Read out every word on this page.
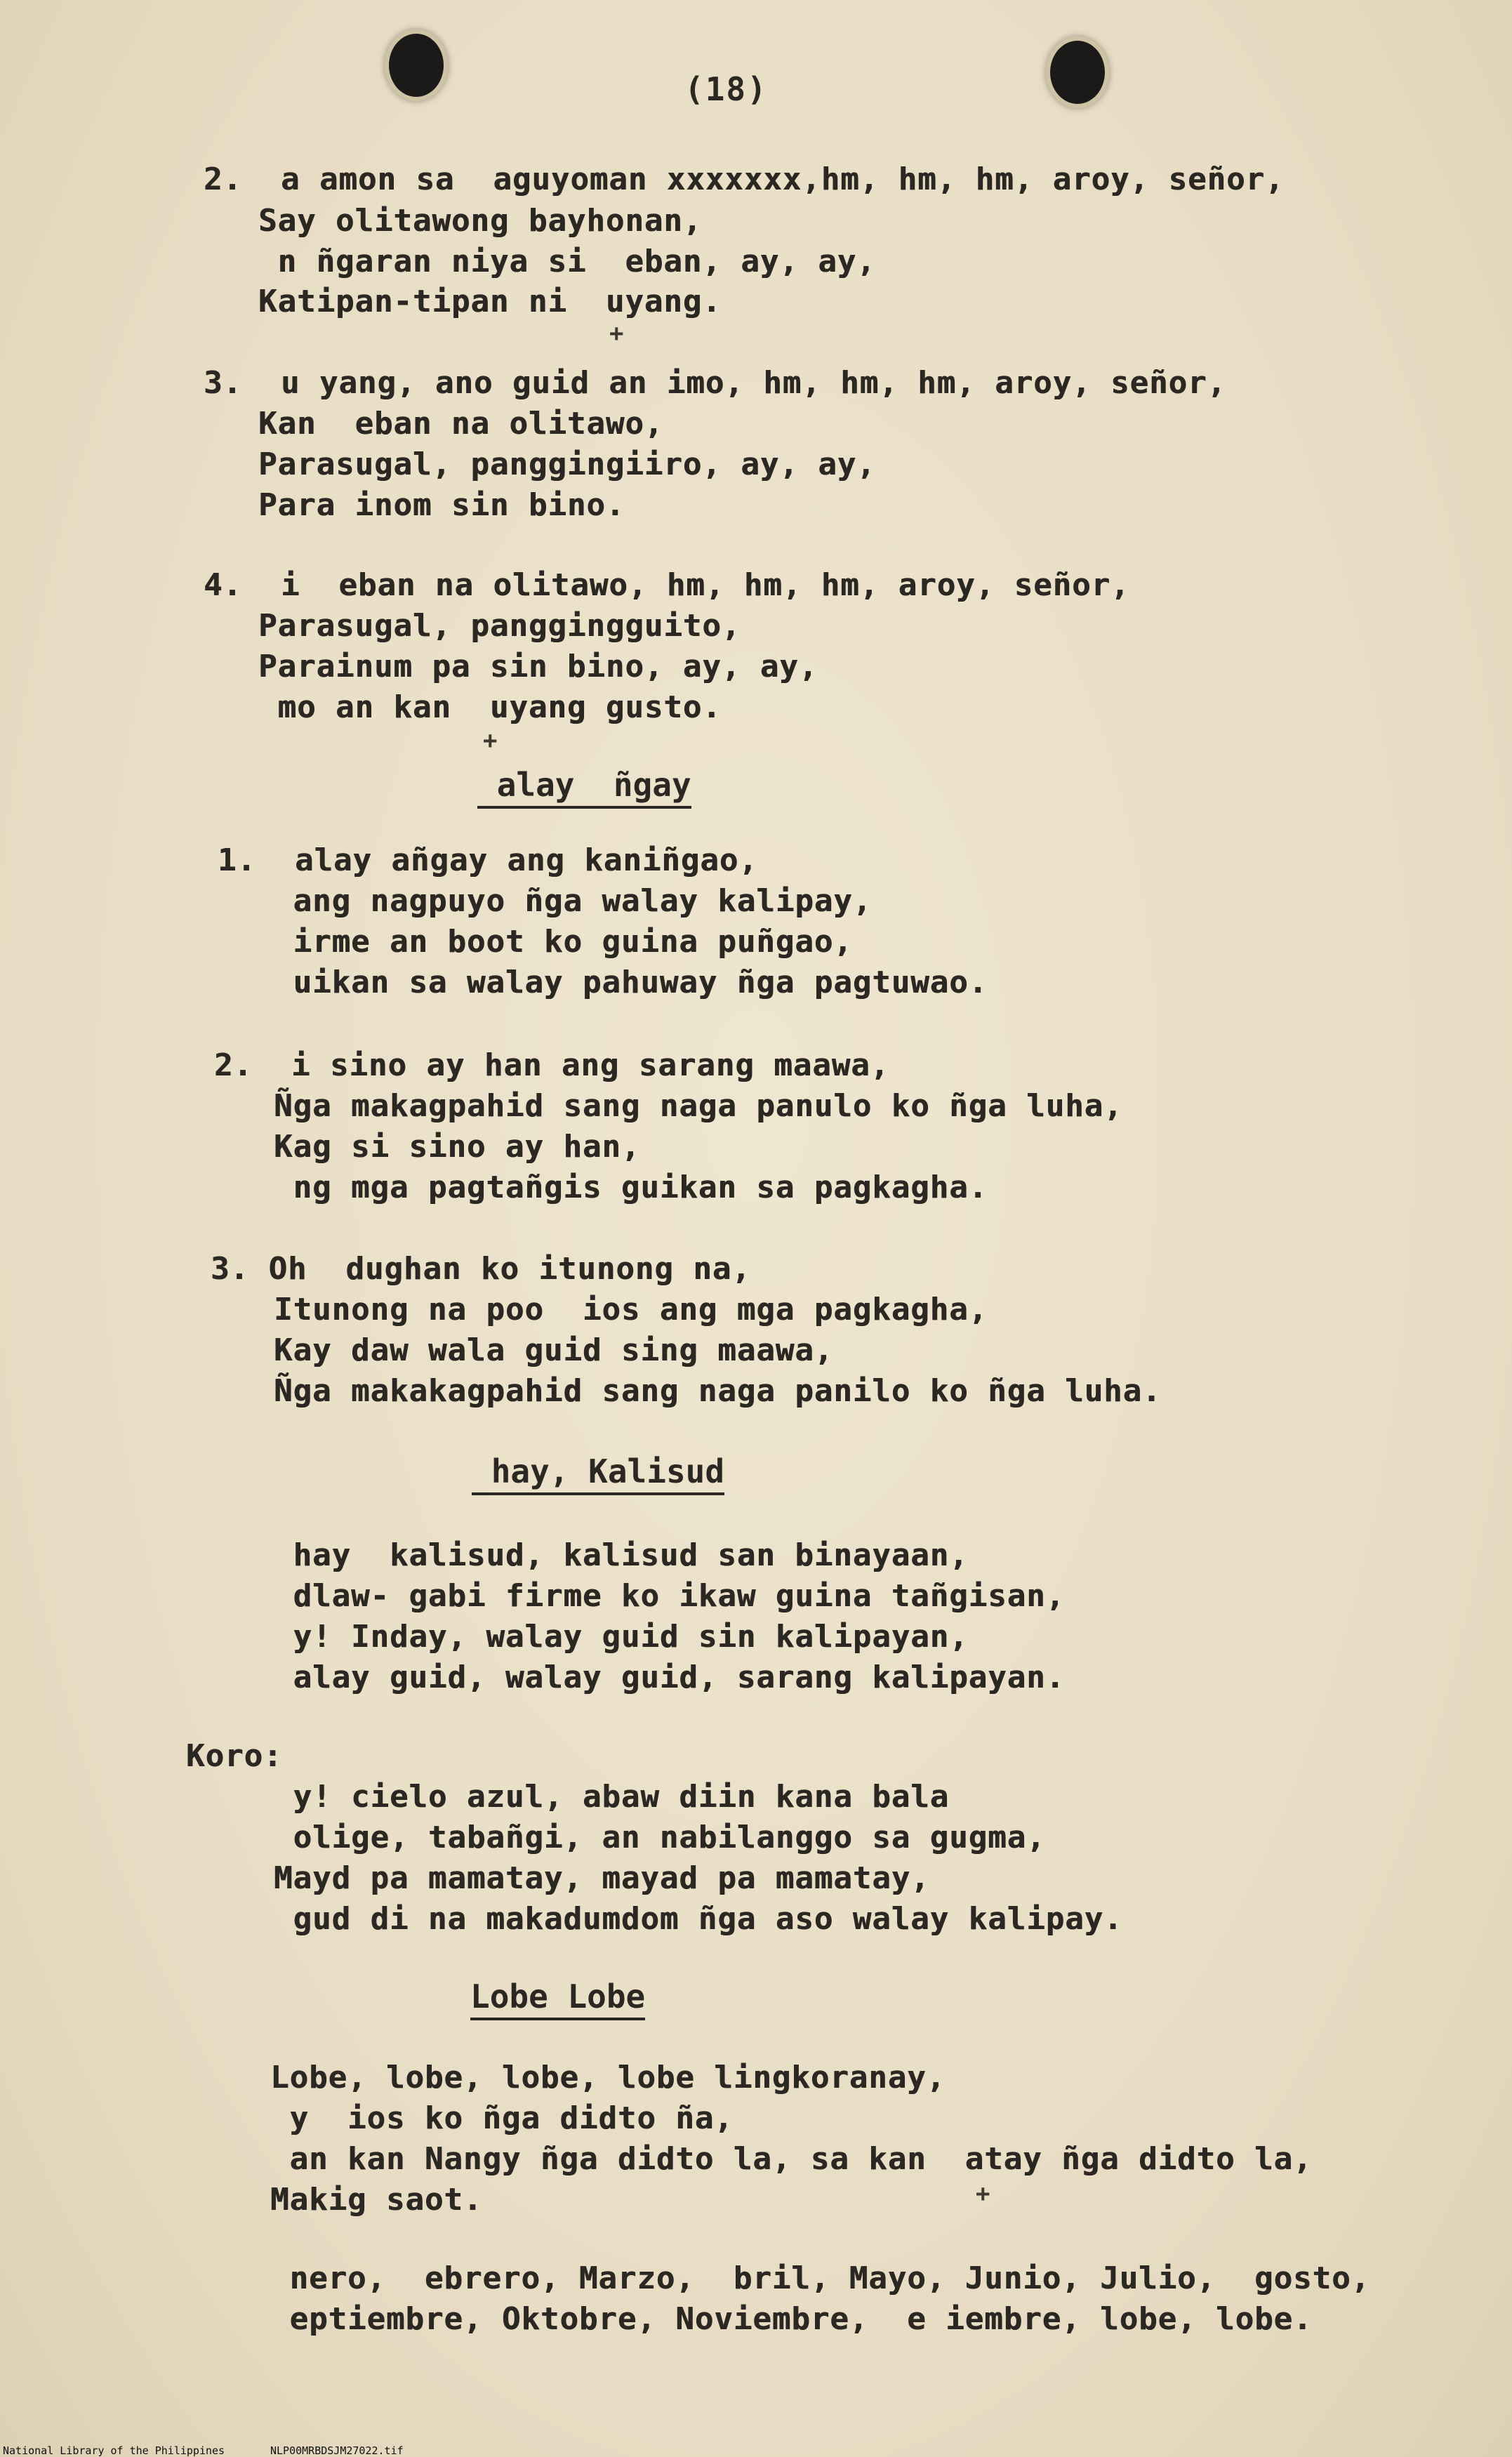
(18)
2.  a amon sa  aguyoman xxxxxxx,hm, hm, hm, aroy, señor,
Say olitawong bayhonan,
n ñgaran niya si  eban, ay, ay,
Katipan-tipan ni  uyang.
+
3.  u yang, ano guid an imo, hm, hm, hm, aroy, señor,
Kan  eban na olitawo,
Parasugal, panggingiiro, ay, ay,
Para inom sin bino.
4.  i  eban na olitawo, hm, hm, hm, aroy, señor,
Parasugal, panggingguito,
Parainum pa sin bino, ay, ay,
mo an kan  uyang gusto.
+
alay  ñgay
1.  alay añgay ang kaniñgao,
ang nagpuyo ñga walay kalipay,
irme an boot ko guina puñgao,
uikan sa walay pahuway ñga pagtuwao.
2.  i sino ay han ang sarang maawa,
Ñga makagpahid sang naga panulo ko ñga luha,
Kag si sino ay han,
ng mga pagtañgis guikan sa pagkagha.
3. Oh  dughan ko itunong na,
Itunong na poo  ios ang mga pagkagha,
Kay daw wala guid sing maawa,
Ñga makakagpahid sang naga panilo ko ñga luha.
hay, Kalisud
hay  kalisud, kalisud san binayaan,
dlaw- gabi firme ko ikaw guina tañgisan,
y! Inday, walay guid sin kalipayan,
alay guid, walay guid, sarang kalipayan.
Koro:
y! cielo azul, abaw diin kana bala
olige, tabañgi, an nabilanggo sa gugma,
Mayd pa mamatay, mayad pa mamatay,
gud di na makadumdom ñga aso walay kalipay.
Lobe Lobe
Lobe, lobe, lobe, lobe lingkoranay,
y  ios ko ñga didto ña,
an kan Nangy ñga didto la, sa kan  atay ñga didto la,
Makig saot.	+
nero,  ebrero, Marzo,  bril, Mayo, Junio, Julio,  gosto,
eptiembre, Oktobre, Noviembre,  e iembre, lobe, lobe.
National Library of the Philippines	NLP00MRBDSJM27022.tif
